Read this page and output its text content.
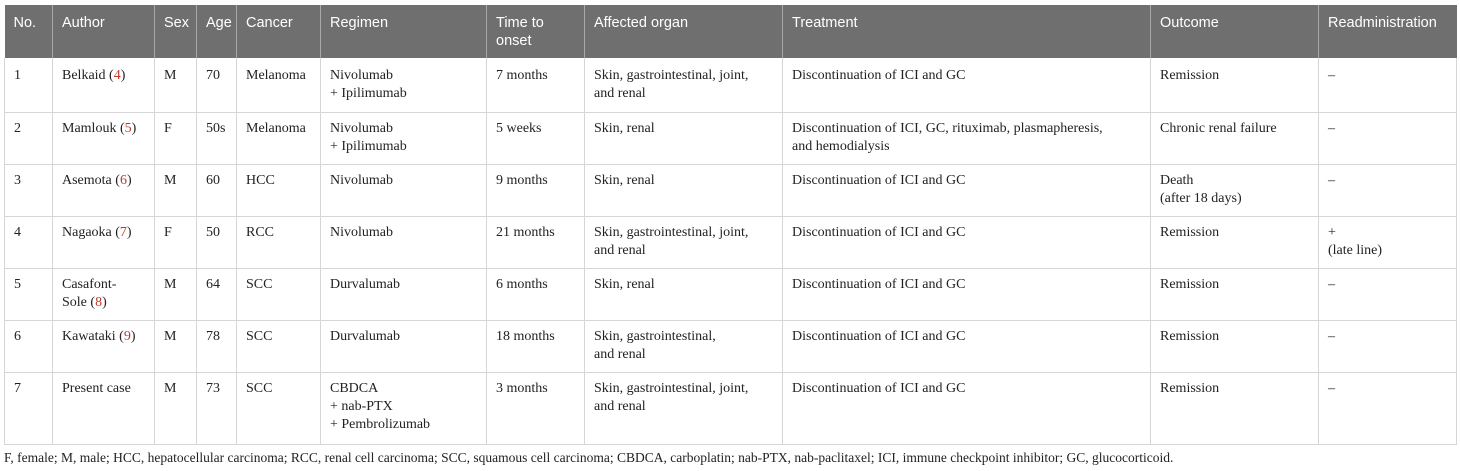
No.	Author	Sex	Age	Cancer	Regimen	Time to onset	Affected organ	Treatment	Outcome	Readministration
1	Belkaid (4)	M	70	Melanoma	Nivolumab
+ Ipilimumab	7 months	Skin, gastrointestinal, joint,
and renal	Discontinuation of ICI and GC	Remission	–

2	Mamlouk (5)	F	50s	Melanoma	Nivolumab
+ Ipilimumab	5 weeks	Skin, renal	Discontinuation of ICI, GC, rituximab, plasmapheresis,
and hemodialysis	Chronic renal failure	–

3	Asemota (6)	M	60	HCC	Nivolumab	9 months	Skin, renal	Discontinuation of ICI and GC	Death
(after 18 days)	–

4	Nagaoka (7)	F	50	RCC	Nivolumab	21 months	Skin, gastrointestinal, joint,
and renal	Discontinuation of ICI and GC	Remission	+
(late line)

5	Casafont-
Sole (8)	M	64	SCC	Durvalumab	6 months	Skin, renal	Discontinuation of ICI and GC	Remission	–

6	Kawataki (9)	M	78	SCC	Durvalumab	18 months	Skin, gastrointestinal,
and renal	Discontinuation of ICI and GC	Remission	–

7	Present case	M	73	SCC	CBDCA
+ nab-PTX
+ Pembrolizumab	3 months	Skin, gastrointestinal, joint,
and renal	Discontinuation of ICI and GC	Remission	–
F, female; M, male; HCC, hepatocellular carcinoma; RCC, renal cell carcinoma; SCC, squamous cell carcinoma; CBDCA, carboplatin; nab-PTX, nab-paclitaxel; ICI, immune checkpoint inhibitor; GC, glucocorticoid.
